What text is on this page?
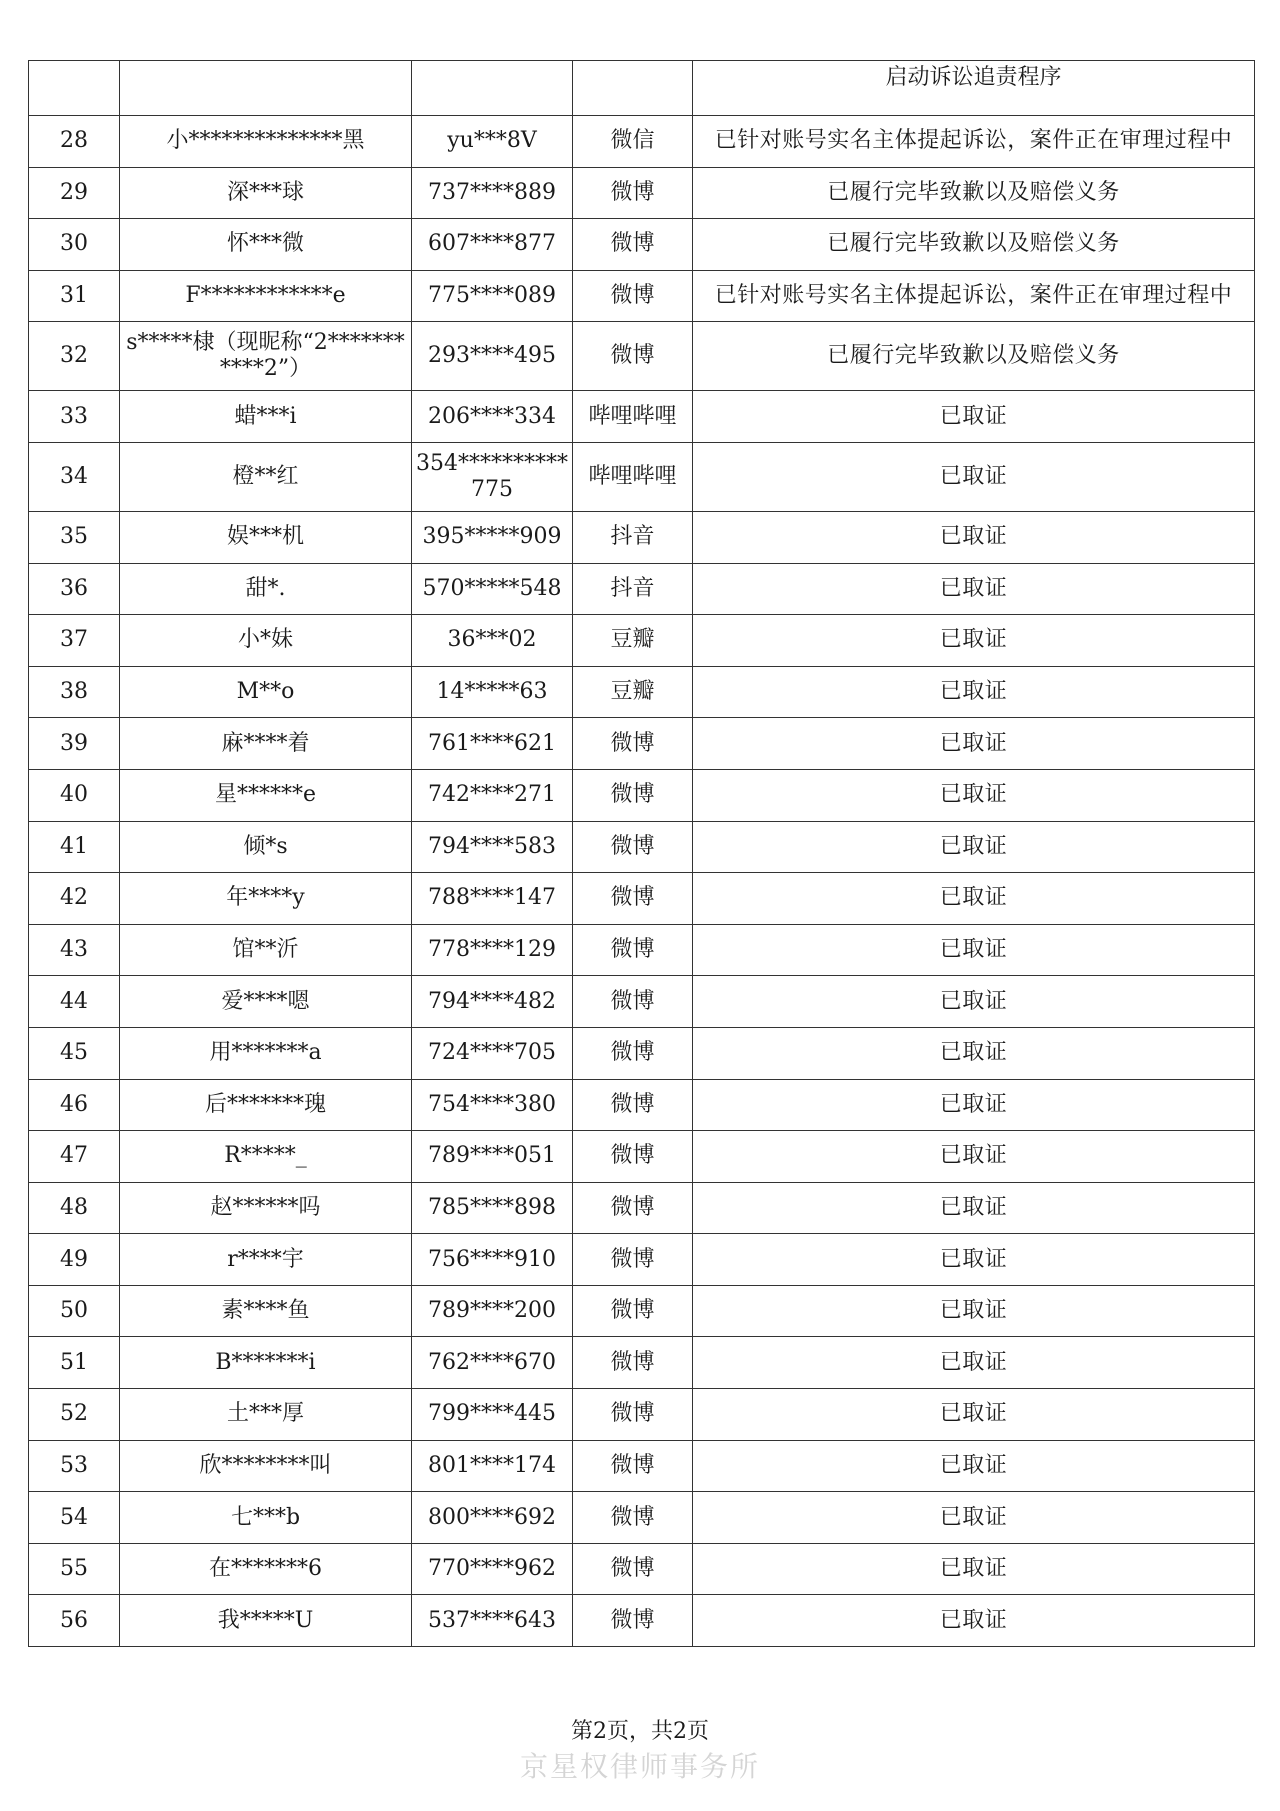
				启动诉讼追责程序
28	小**************黑	yu***8V	微信	已针对账号实名主体提起诉讼，案件正在审理过程中
29	深***球	737****889	微博	已履行完毕致歉以及赔偿义务
30	怀***微	607****877	微博	已履行完毕致歉以及赔偿义务
31	F************e	775****089	微博	已针对账号实名主体提起诉讼，案件正在审理过程中
32	s*****棣（现昵称“2***********2”）	293****495	微博	已履行完毕致歉以及赔偿义务
33	蜡***i	206****334	哔哩哔哩	已取证
34	橙**红	354**********775	哔哩哔哩	已取证
35	娱***机	395*****909	抖音	已取证
36	甜*.	570*****548	抖音	已取证
37	小*妹	36***02	豆瓣	已取证
38	M**o	14*****63	豆瓣	已取证
39	麻****着	761****621	微博	已取证
40	星******e	742****271	微博	已取证
41	倾*s	794****583	微博	已取证
42	年****y	788****147	微博	已取证
43	馆**沂	778****129	微博	已取证
44	爱****嗯	794****482	微博	已取证
45	用*******a	724****705	微博	已取证
46	后*******瑰	754****380	微博	已取证
47	R*****_	789****051	微博	已取证
48	赵******吗	785****898	微博	已取证
49	r****宇	756****910	微博	已取证
50	素****鱼	789****200	微博	已取证
51	B*******i	762****670	微博	已取证
52	土***厚	799****445	微博	已取证
53	欣********叫	801****174	微博	已取证
54	七***b	800****692	微博	已取证
55	在*******6	770****962	微博	已取证
56	我*****U	537****643	微博	已取证
第2页，共2页
京星权律师事务所
